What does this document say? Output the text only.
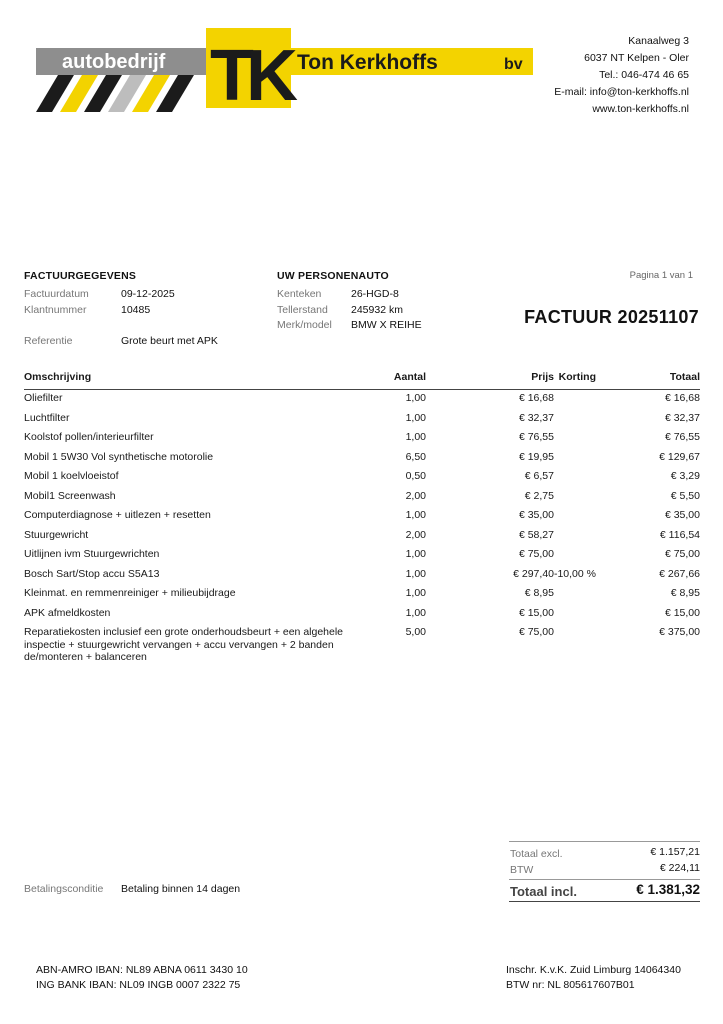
autobedrijf TK Ton Kerkhoffs	bv
Kanaalweg 3
6037 NT Kelpen - Oler
Tel.: 046-474 46 65
E-mail: info@ton-kerkhoffs.nl
www.ton-kerkhoffs.nl
FACTUURGEGEVENS
Factuurdatum	09-12-2025
Klantnummer	10485
Referentie	Grote beurt met APK
UW PERSONENAUTO
Kenteken	26-HGD-8
Tellerstand 245932 km
Merk/model BMW X REIHE
Pagina 1 van 1
FACTUUR 20251107
Omschrijving	Aantal	Prijs Korting	Totaal
Oliefilter	1,00	€ 16,68	€ 16,68
Luchtfilter	1,00	€ 32,37	€ 32,37
Koolstof pollen/interieurfilter	1,00	€ 76,55	€ 76,55
Mobil 1 5W30 Vol synthetische motorolie	6,50	€ 19,95	€ 129,67
Mobil 1 koelvloeistof	0,50	€ 6,57	€ 3,29
Mobil1 Screenwash	2,00	€ 2,75	€ 5,50
Computerdiagnose + uitlezen + resetten	1,00	€ 35,00	€ 35,00
Stuurgewricht	2,00	€ 58,27	€ 116,54
Uitlijnen ivm Stuurgewrichten	1,00	€ 75,00	€ 75,00
Bosch Sart/Stop accu S5A13	1,00	€ 297,40 -10,00 %	€ 267,66
Kleinmat. en remmenreiniger + milieubijdrage	1,00	€ 8,95	€ 8,95
APK afmeldkosten	1,00	€ 15,00	€ 15,00
Reparatiekosten inclusief een grote onderhoudsbeurt + een algehele inspectie + stuurgewricht vervangen + accu vervangen + 2 banden de/monteren + balanceren
5,00	€ 75,00	€ 375,00
Totaal excl.	€ 1.157,21
BTW	€ 224,11
Totaal incl.	€ 1.381,32
Betalingsconditie Betaling binnen 14 dagen
ABN-AMRO IBAN: NL89 ABNA 0611 3430 10
ING BANK IBAN: NL09 INGB 0007 2322 75
Inschr. K.v.K. Zuid Limburg 14064340
BTW nr: NL 805617607B01
